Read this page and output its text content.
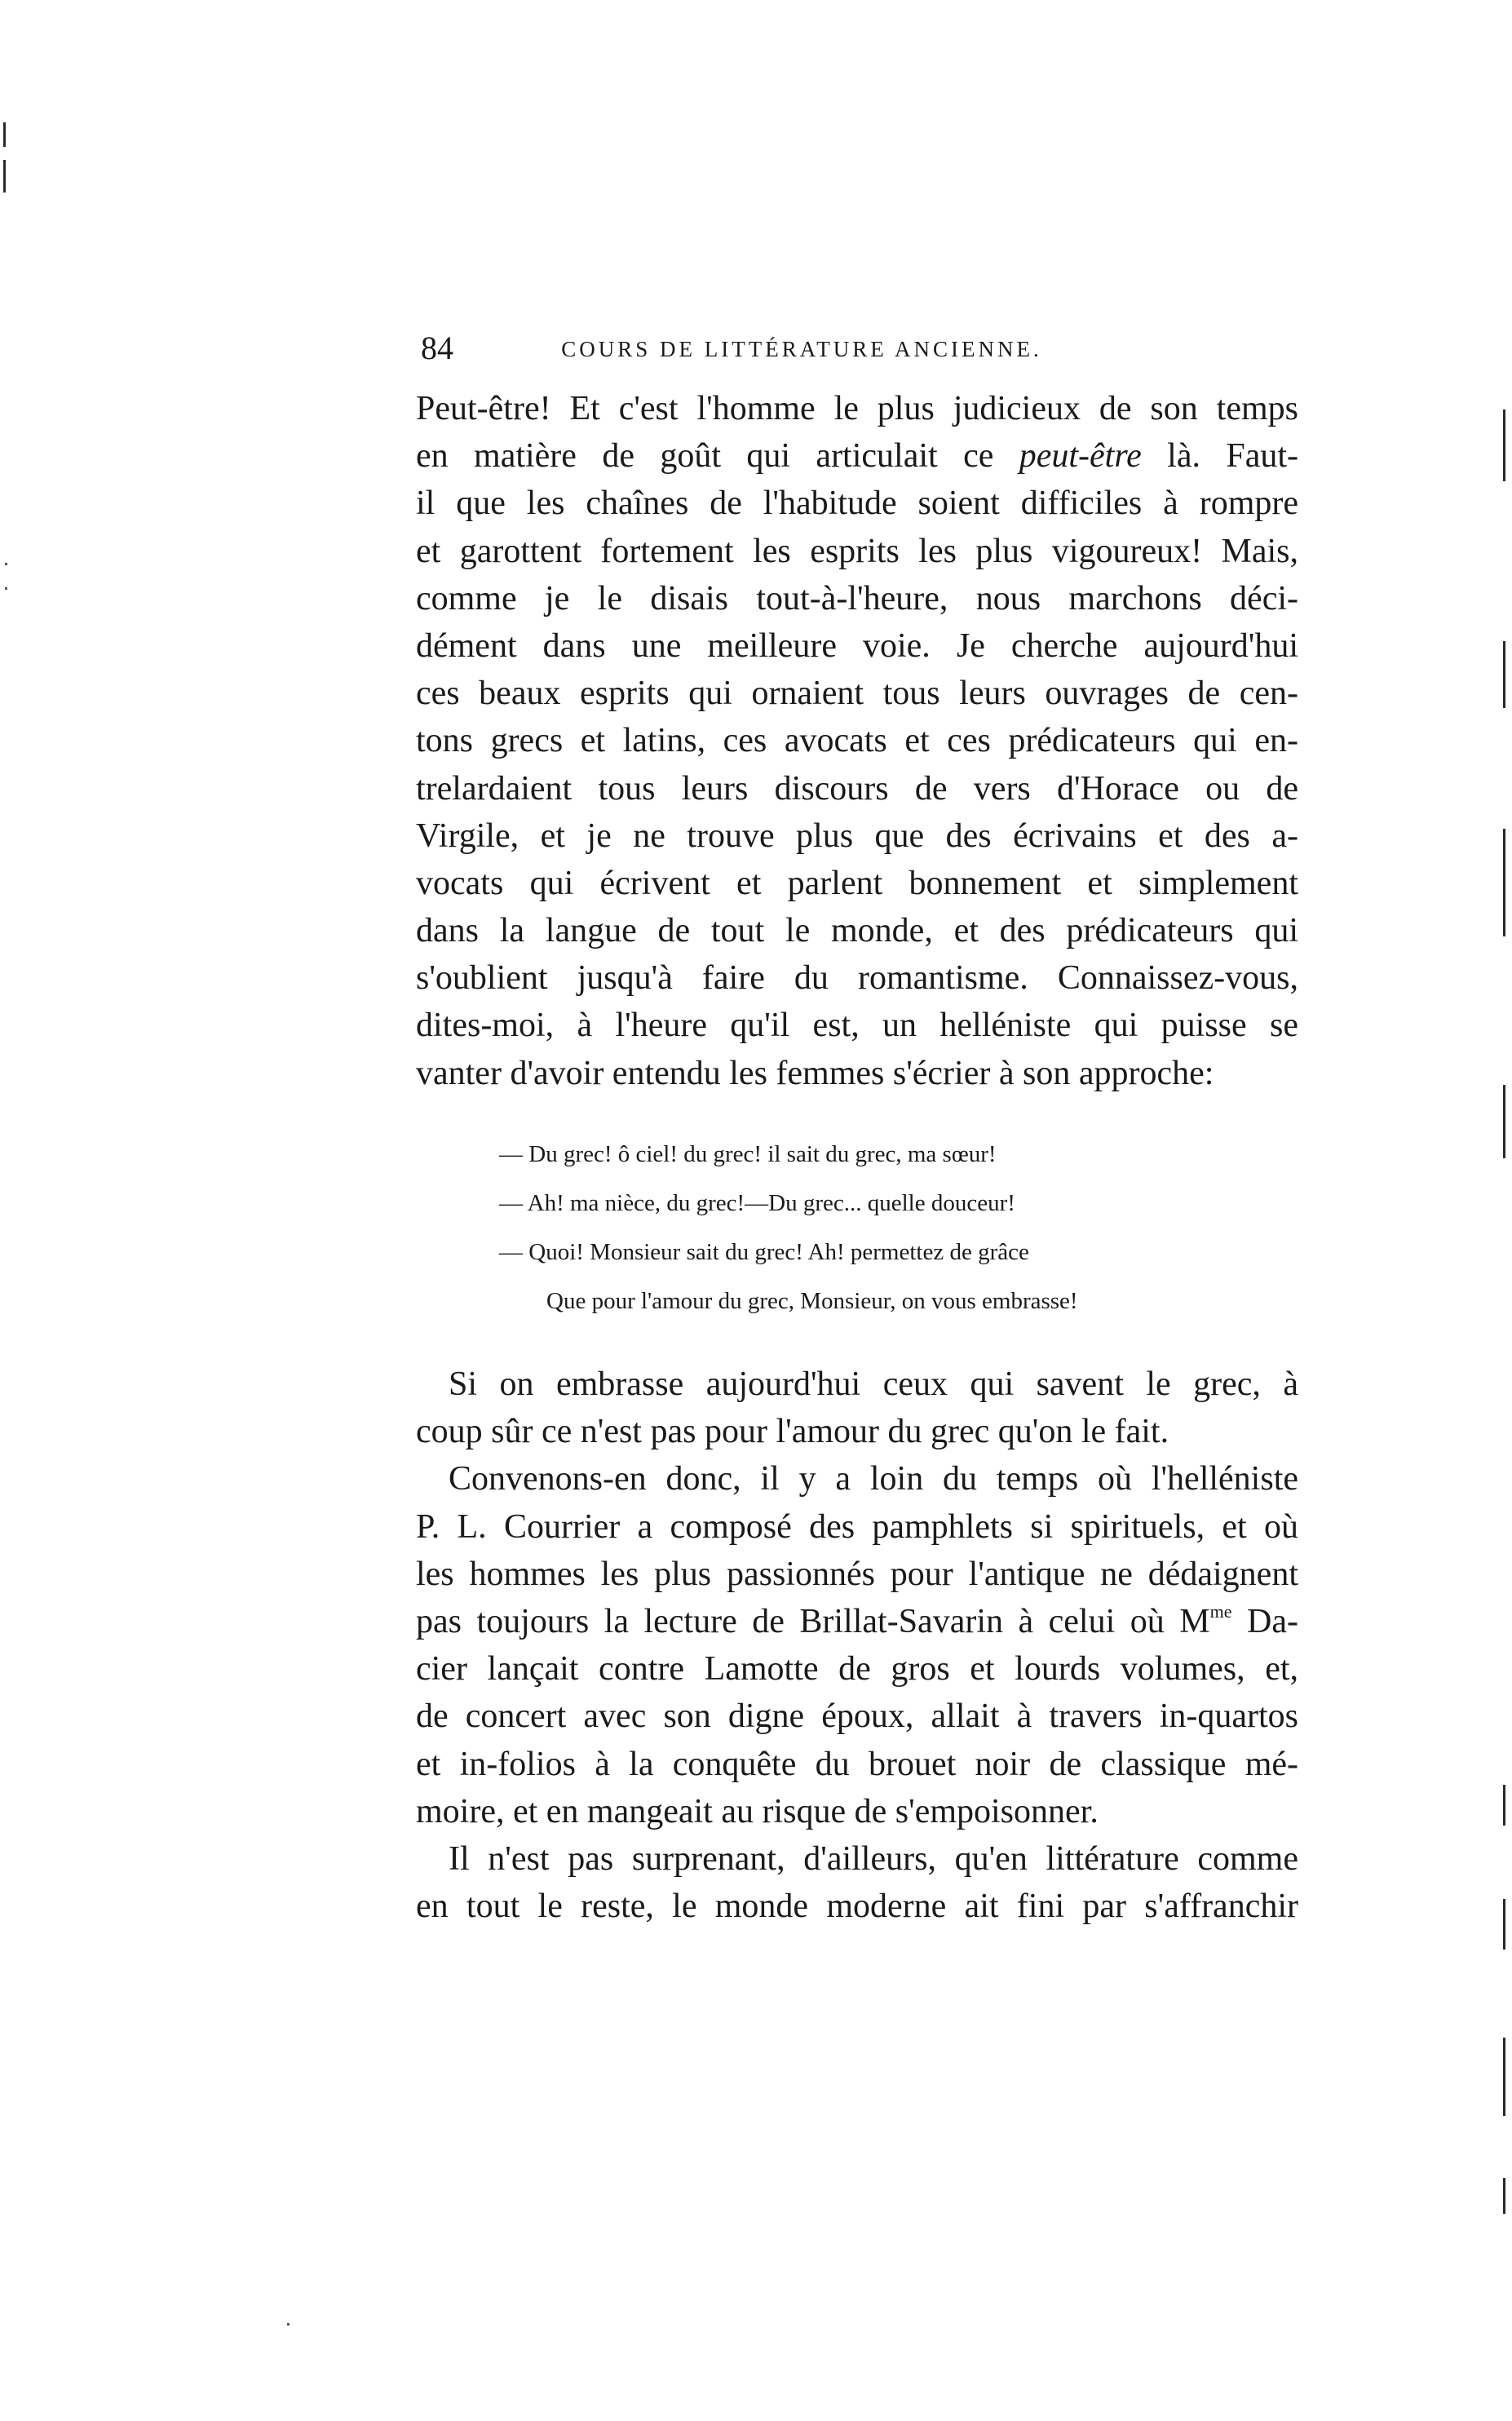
84	COURS DE LITTÉRATURE ANCIENNE.
Peut-être! Et c'est l'homme le plus judicieux de son temps
en matière de goût qui articulait ce peut-être là. Faut-
il que les chaînes de l'habitude soient difficiles à rompre
et garottent fortement les esprits les plus vigoureux! Mais,
comme je le disais tout-à-l'heure, nous marchons déci-
dément dans une meilleure voie. Je cherche aujourd'hui
ces beaux esprits qui ornaient tous leurs ouvrages de cen-
tons grecs et latins, ces avocats et ces prédicateurs qui en-
trelardaient tous leurs discours de vers d'Horace ou de
Virgile, et je ne trouve plus que des écrivains et des a-
vocats qui écrivent et parlent bonnement et simplement
dans la langue de tout le monde, et des prédicateurs qui
s'oublient jusqu'à faire du romantisme. Connaissez-vous,
dites-moi, à l'heure qu'il est, un helléniste qui puisse se
vanter d'avoir entendu les femmes s'écrier à son approche:
— Du grec! ô ciel! du grec! il sait du grec, ma sœur!
— Ah! ma nièce, du grec!—Du grec... quelle douceur!
— Quoi! Monsieur sait du grec! Ah! permettez de grâce
Que pour l'amour du grec, Monsieur, on vous embrasse!
Si on embrasse aujourd'hui ceux qui savent le grec, à
coup sûr ce n'est pas pour l'amour du grec qu'on le fait.
Convenons-en donc, il y a loin du temps où l'helléniste
P. L. Courrier a composé des pamphlets si spirituels, et où
les hommes les plus passionnés pour l'antique ne dédaignent
pas toujours la lecture de Brillat-Savarin à celui où $M^{me}$ Da-
cier lançait contre Lamotte de gros et lourds volumes, et,
de concert avec son digne époux, allait à travers in-quartos
et in-folios à la conquête du brouet noir de classique mé-
moire, et en mangeait au risque de s'empoisonner.
Il n'est pas surprenant, d'ailleurs, qu'en littérature comme
en tout le reste, le monde moderne ait fini par s'affranchir
